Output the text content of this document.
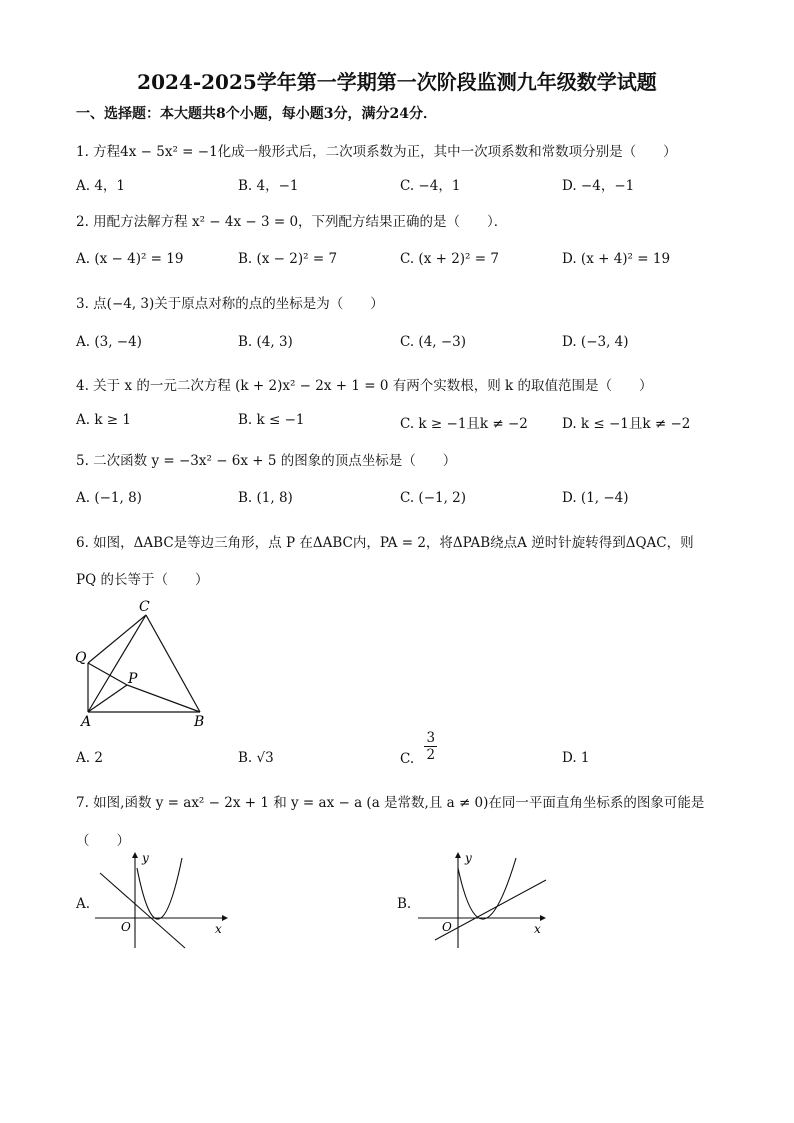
2024-2025学年第一学期第一次阶段监测九年级数学试题
一、选择题：本大题共8个小题，每小题3分，满分24分．
1. 方程4x − 5x² = −1化成一般形式后，二次项系数为正，其中一次项系数和常数项分别是（　　）
A. 4，1	B. 4，−1	C. −4，1	D. −4，−1
2. 用配方法解方程 x² − 4x − 3 = 0，下列配方结果正确的是（　　）．
A. (x − 4)² = 19	B. (x − 2)² = 7	C. (x + 2)² = 7	D. (x + 4)² = 19
3. 点(−4, 3)关于原点对称的点的坐标是为（　　）
A. (3, −4)	B. (4, 3)	C. (4, −3)	D. (−3, 4)
4. 关于 x 的一元二次方程 (k + 2)x² − 2x + 1 = 0 有两个实数根，则 k 的取值范围是（　　）
A. k ≥ 1	B. k ≤ −1	C. k ≥ −1且k ≠ −2	D. k ≤ −1且k ≠ −2
5. 二次函数 y = −3x² − 6x + 5 的图象的顶点坐标是（　　）
A. (−1, 8)	B. (1, 8)	C. (−1, 2)	D. (1, −4)
6. 如图，ΔABC是等边三角形，点 P 在ΔABC内，PA = 2，将ΔPAB绕点A 逆时针旋转得到ΔQAC，则
PQ 的长等于（　　）
C
Q
P
A	B
A. 2	B. √3	C. $\frac{3}{2}$	D. 1
7. 如图,函数 y = ax² − 2x + 1 和 y = ax − a (a 是常数,且 a ≠ 0)在同一平面直角坐标系的图象可能是
（　　）
A.
y
x
O
B.
y
x
O
